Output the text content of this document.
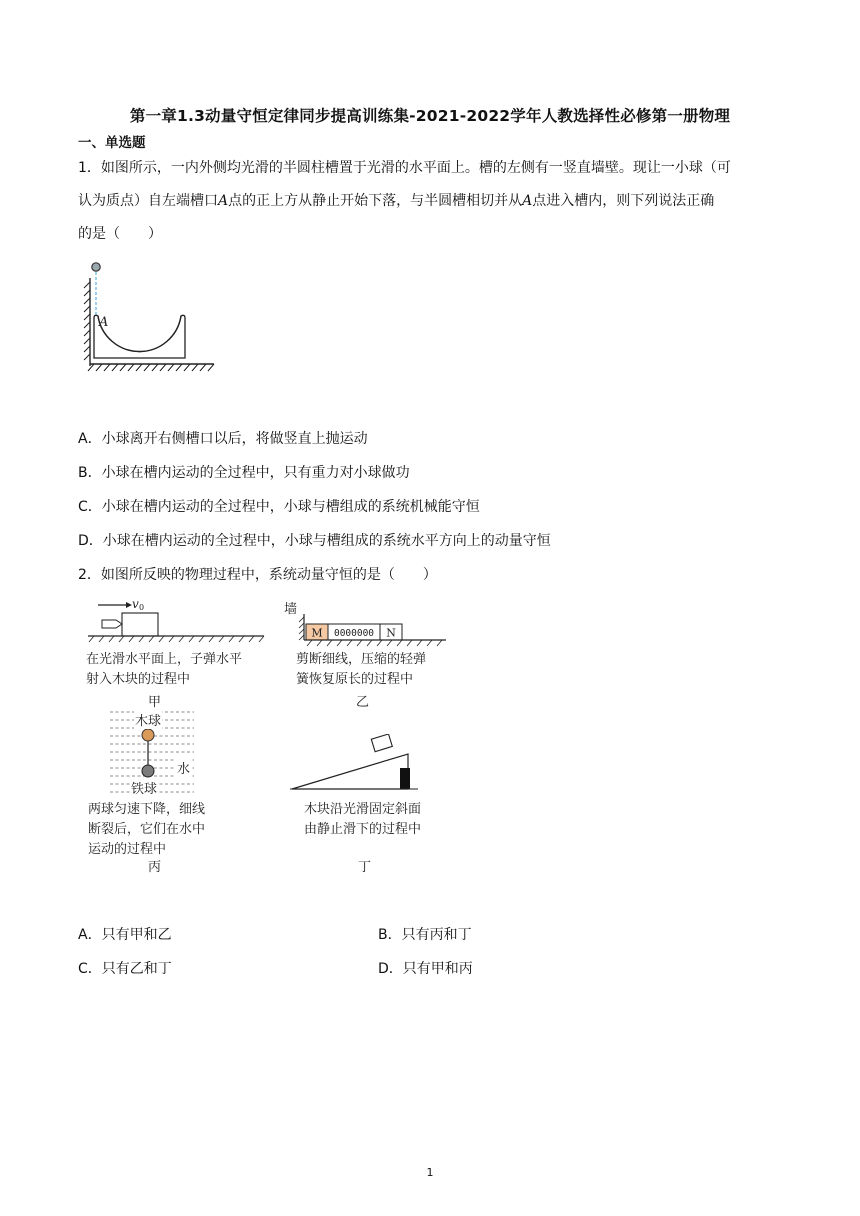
第一章1.3动量守恒定律同步提高训练集-2021-2022学年人教选择性必修第一册物理
一、单选题
1．如图所示，一内外侧均光滑的半圆柱槽置于光滑的水平面上。槽的左侧有一竖直墙壁。现让一小球（可
认为质点）自左端槽口A点的正上方从静止开始下落，与半圆槽相切并从A点进入槽内，则下列说法正确
的是（　　）
A
A．小球离开右侧槽口以后，将做竖直上抛运动
B．小球在槽内运动的全过程中，只有重力对小球做功
C．小球在槽内运动的全过程中，小球与槽组成的系统机械能守恒
D．小球在槽内运动的全过程中，小球与槽组成的系统水平方向上的动量守恒
2．如图所反映的物理过程中，系统动量守恒的是（　　）
v 0
在光滑水平面上，子弹水平
射入木块的过程中
甲
墙
M 0000000 N
剪断细线，压缩的轻弹
簧恢复原长的过程中
乙
木球
水
铁球
两球匀速下降，细线
断裂后，它们在水中
运动的过程中
丙
木块沿光滑固定斜面
由静止滑下的过程中
丁
A．只有甲和乙	B．只有丙和丁
C．只有乙和丁	D．只有甲和丙
1
